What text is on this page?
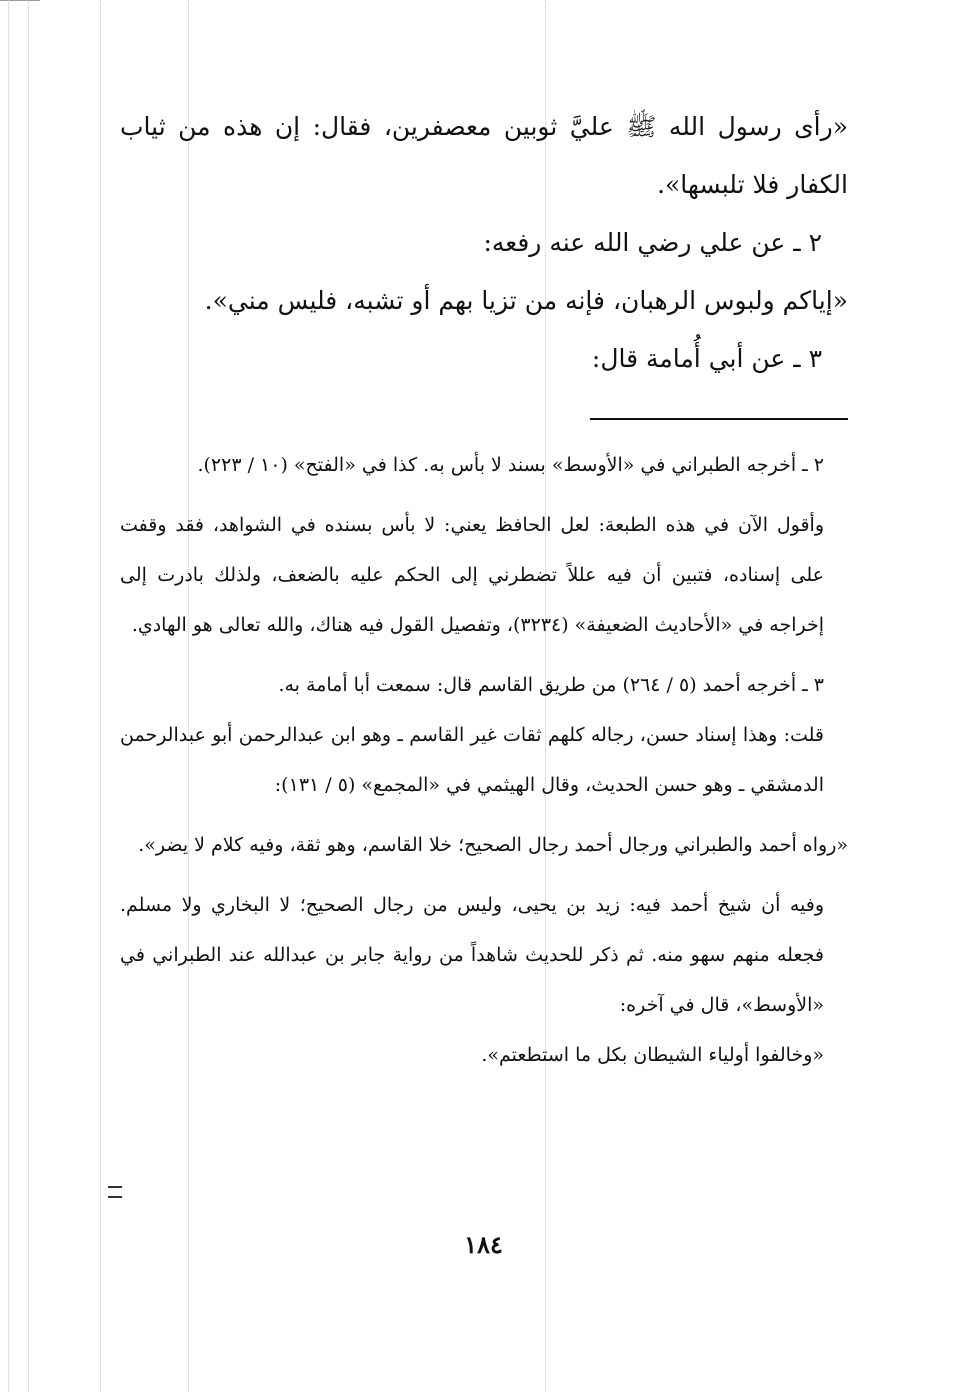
«رأى رسول الله ﷺ عليَّ ثوبين معصفرين، فقال: إن هذه من ثياب الكفار فلا تلبسها».

٢ ـ عن علي رضي الله عنه رفعه:

«إياكم ولبوس الرهبان، فإنه من تزيا بهم أو تشبه، فليس مني».

٣ ـ عن أبي أُمامة قال:

٢ ـ أخرجه الطبراني في «الأوسط» بسند لا بأس به. كذا في «الفتح» (١٠ / ٢٢٣).

وأقول الآن في هذه الطبعة: لعل الحافظ يعني: لا بأس بسنده في الشواهد، فقد وقفت على إسناده، فتبين أن فيه عللاً تضطرني إلى الحكم عليه بالضعف، ولذلك بادرت إلى إخراجه في «الأحاديث الضعيفة» (٣٢٣٤)، وتفصيل القول فيه هناك، والله تعالى هو الهادي.

٣ ـ أخرجه أحمد (٥ / ٢٦٤) من طريق القاسم قال: سمعت أبا أمامة به.

قلت: وهذا إسناد حسن، رجاله كلهم ثقات غير القاسم ـ وهو ابن عبدالرحمن أبو عبدالرحمن الدمشقي ـ وهو حسن الحديث، وقال الهيثمي في «المجمع» (٥ / ١٣١):

«رواه أحمد والطبراني ورجال أحمد رجال الصحيح؛ خلا القاسم، وهو ثقة، وفيه كلام لا يضر».

وفيه أن شيخ أحمد فيه: زيد بن يحيى، وليس من رجال الصحيح؛ لا البخاري ولا مسلم. فجعله منهم سهو منه. ثم ذكر للحديث شاهداً من رواية جابر بن عبدالله عند الطبراني في «الأوسط»، قال في آخره:

«وخالفوا أولياء الشيطان بكل ما استطعتم».

١٨٤
